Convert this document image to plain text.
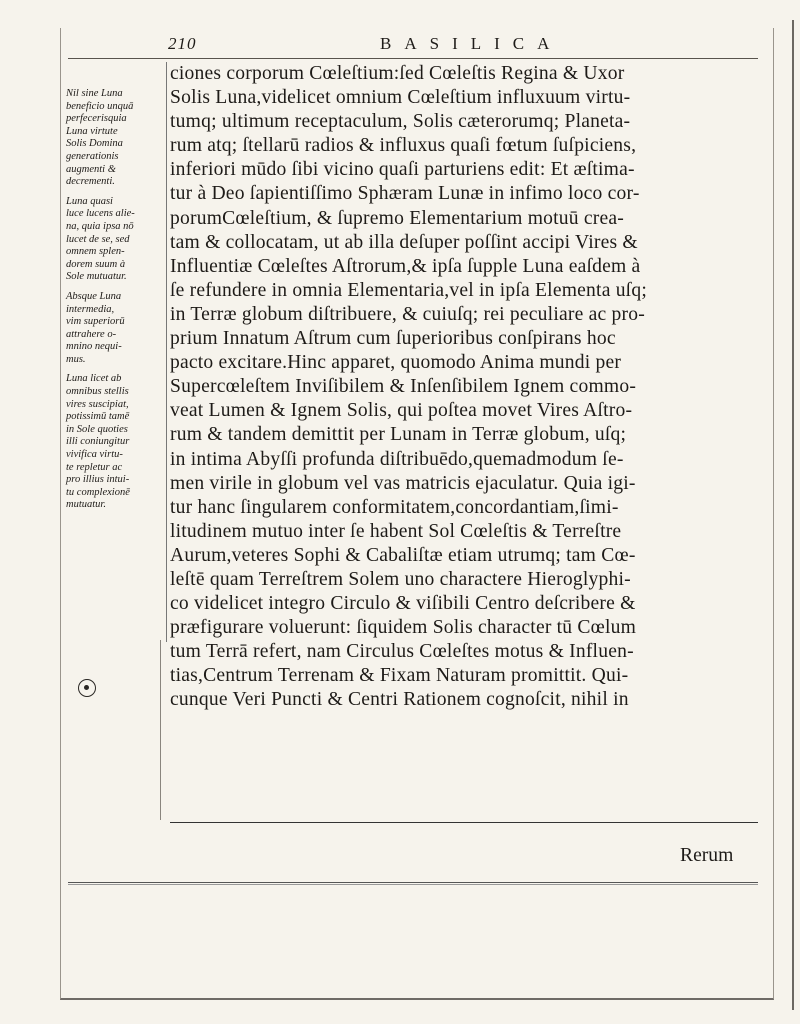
210	BASILICA
Nil sine Luna
beneficio unquā
perfecerisquia
Luna virtute
Solis Domina
generationis
augmenti &
decrementi.
Luna quasi
luce lucens alie-
na, quia ipsa nō
lucet de se, sed
omnem splen-
dorem suum à
Sole mutuatur.
Absque Luna
intermedia,
vim superiorū
attrahere o-
mnino nequi-
mus.
Luna licet ab
omnibus stellis
vires suscipiat,
potissimū tamē
in Sole quoties
illi coniungitur
vivifica virtu-
te repletur ac
pro illius intui-
tu complexionē
mutuatur.
ciones corporum Cœleſtium:ſed Cœleſtis Regina & Uxor
Solis Luna,videlicet omnium Cœleſtium influxuum virtu-
tumq; ultimum receptaculum, Solis cæterorumq; Planeta-
rum atq; ſtellarū radios & influxus quaſi fœtum ſuſpiciens,
inferiori mūdo ſibi vicino quaſi parturiens edit: Et æſtima-
tur à Deo ſapientiſſimo Sphæram Lunæ in infimo loco cor-
porumCœleſtium, & ſupremo Elementarium motuū crea-
tam & collocatam, ut ab illa deſuper poſſint accipi Vires &
Influentiæ Cœleſtes Aſtrorum,& ipſa ſupple Luna eaſdem à
ſe refundere in omnia Elementaria,vel in ipſa Elementa uſq;
in Terræ globum diſtribuere, & cuiuſq; rei peculiare ac pro-
prium Innatum Aſtrum cum ſuperioribus conſpirans hoc
pacto excitare.Hinc apparet, quomodo Anima mundi per
Supercœleſtem Inviſibilem & Inſenſibilem Ignem commo-
veat Lumen & Ignem Solis, qui poſtea movet Vires Aſtro-
rum & tandem demittit per Lunam in Terræ globum, uſq;
in intima Abyſſi profunda diſtribuēdo,quemadmodum ſe-
men virile in globum vel vas matricis ejaculatur. Quia igi-
tur hanc ſingularem conformitatem,concordantiam,ſimi-
litudinem mutuo inter ſe habent Sol Cœleſtis & Terreſtre
Aurum,veteres Sophi & Cabaliſtæ etiam utrumq; tam Cœ-
leſtē quam Terreſtrem Solem uno charactere Hieroglyphi-
co videlicet integro Circulo & viſibili Centro deſcribere &
præfigurare voluerunt: ſiquidem Solis character tū Cœlum
tum Terrā refert, nam Circulus Cœleſtes motus & Influen-
tias,Centrum Terrenam & Fixam Naturam promittit. Qui-
cunque Veri Puncti & Centri Rationem cognoſcit, nihil in
Rerum
